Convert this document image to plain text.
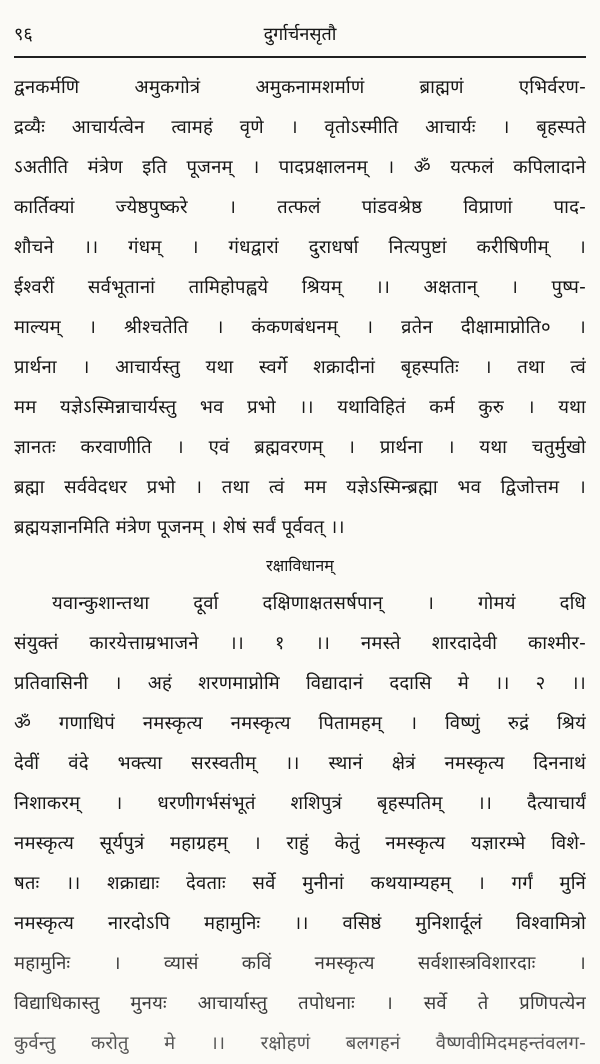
९६	दुर्गार्चनसृतौ
द्वनकर्मणि अमुकगोत्रं अमुकनामशर्माणं ब्राह्मणं एभिर्वरण-
द्रव्यैः आचार्यत्वेन त्वामहं वृणे । वृतोऽस्मीति आचार्यः । बृहस्पते
ऽअतीति मंत्रेण इति पूजनम् । पादप्रक्षालनम् । ॐ यत्फलं कपिलादाने
कार्तिक्यां ज्येष्ठपुष्करे । तत्फलं पांडवश्रेष्ठ विप्राणां पाद-
शौचने ।। गंधम् । गंधद्वारां दुराधर्षा नित्यपुष्टां करीषिणीम् ।
ईश्वरीं सर्वभूतानां तामिहोपह्वये श्रियम् ।। अक्षतान् । पुष्प-
माल्यम् । श्रीश्चतेति । कंकणबंधनम् । व्रतेन दीक्षामाप्नोति० ।
प्रार्थना । आचार्यस्तु यथा स्वर्गे शक्रादीनां बृहस्पतिः । तथा त्वं
मम यज्ञेऽस्मिन्नाचार्यस्तु भव प्रभो ।। यथाविहितं कर्म कुरु । यथा
ज्ञानतः करवाणीति । एवं ब्रह्मवरणम् । प्रार्थना । यथा चतुर्मुखो
ब्रह्मा सर्ववेदधर प्रभो । तथा त्वं मम यज्ञेऽस्मिन्ब्रह्मा भव द्विजोत्तम ।
ब्रह्मयज्ञानमिति मंत्रेण पूजनम् । शेषं सर्वं पूर्ववत् ।।
रक्षाविधानम्
यवान्कुशान्तथा दूर्वा दक्षिणाक्षतसर्षपान् । गोमयं दधि
संयुक्तं कारयेत्ताम्रभाजने ।। १ ।। नमस्ते शारदादेवी काश्मीर-
प्रतिवासिनी । अहं शरणमाप्नोमि विद्यादानं ददासि मे ।। २ ।।
ॐ गणाधिपं नमस्कृत्य नमस्कृत्य पितामहम् । विष्णुं रुद्रं श्रियं
देवीं वंदे भक्त्या सरस्वतीम् ।। स्थानं क्षेत्रं नमस्कृत्य दिननाथं
निशाकरम् । धरणीगर्भसंभूतं शशिपुत्रं बृहस्पतिम् ।। दैत्याचार्यं
नमस्कृत्य सूर्यपुत्रं महाग्रहम् । राहुं केतुं नमस्कृत्य यज्ञारम्भे विशे-
षतः ।। शक्राद्याः देवताः सर्वे मुनीनां कथयाम्यहम् । गर्गं मुनिं
नमस्कृत्य नारदोऽपि महामुनिः ।। वसिष्ठं मुनिशार्दूलं विश्वामित्रो
महामुनिः । व्यासं कविं नमस्कृत्य सर्वशास्त्रविशारदाः ।
विद्याधिकास्तु मुनयः आचार्यास्तु तपोधनाः । सर्वे ते प्रणिपत्येन
कुर्वन्तु करोतु मे ।। रक्षोहणं बलगहनं वैष्णवीमिदमहन्तंवलग-
